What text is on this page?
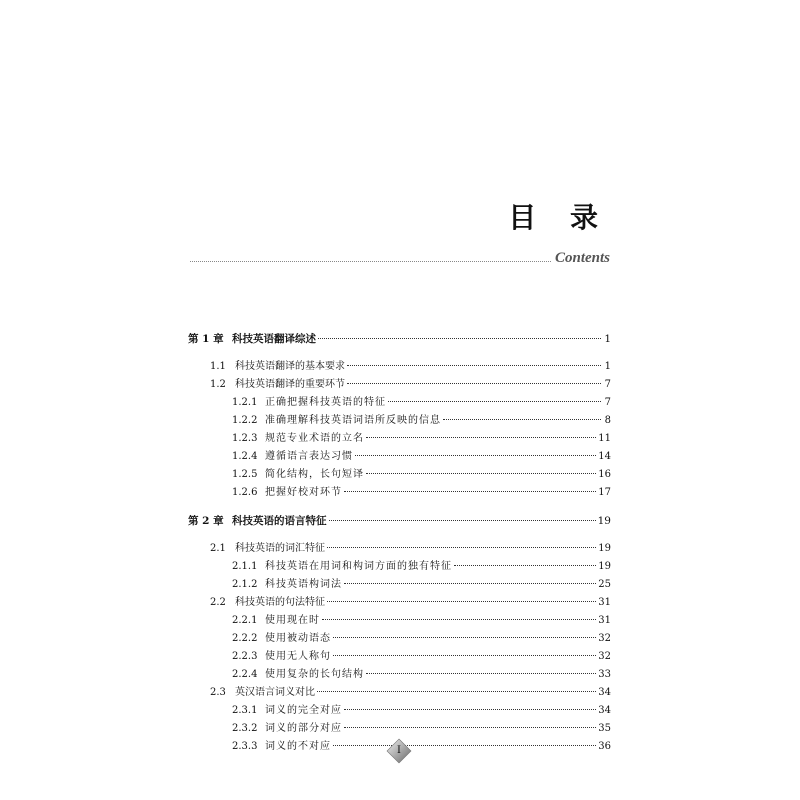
目 录
Contents
第 1 章 科技英语翻译综述	1
1.1 科技英语翻译的基本要求	1
1.2 科技英语翻译的重要环节	7
1.2.1 正确把握科技英语的特征	7
1.2.2 准确理解科技英语词语所反映的信息	8
1.2.3 规范专业术语的立名	11
1.2.4 遵循语言表达习惯	14
1.2.5 简化结构，长句短译	16
1.2.6 把握好校对环节	17
第 2 章 科技英语的语言特征	19
2.1 科技英语的词汇特征	19
2.1.1 科技英语在用词和构词方面的独有特征	19
2.1.2 科技英语构词法	25
2.2 科技英语的句法特征	31
2.2.1 使用现在时	31
2.2.2 使用被动语态	32
2.2.3 使用无人称句	32
2.2.4 使用复杂的长句结构	33
2.3 英汉语言词义对比	34
2.3.1 词义的完全对应	34
2.3.2 词义的部分对应	35
2.3.3 词义的不对应	36
I
